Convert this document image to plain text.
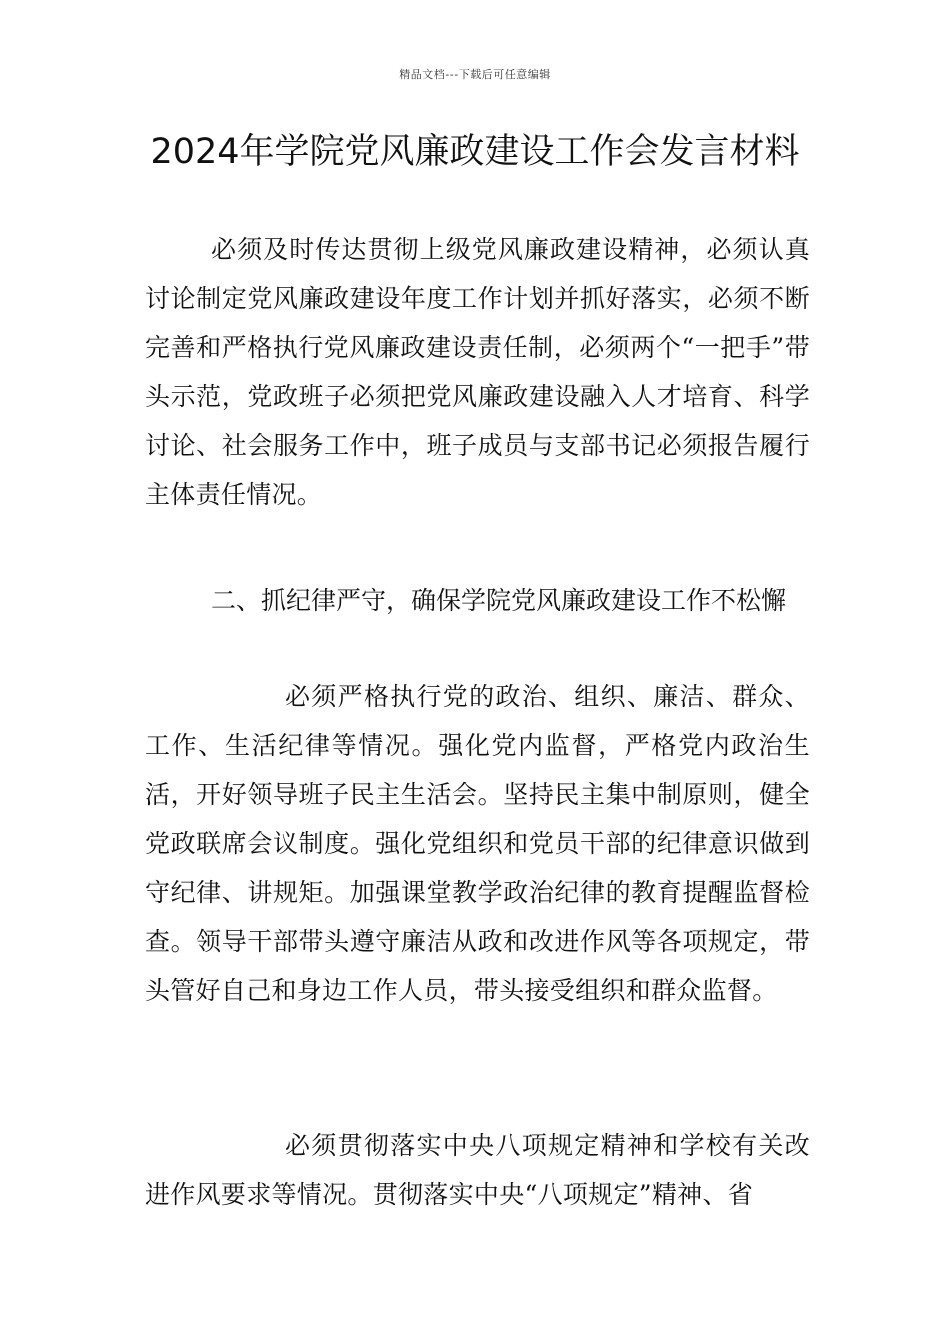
精品文档---下载后可任意编辑
2024年学院党风廉政建设工作会发言材料

必须及时传达贯彻上级党风廉政建设精神，必须认真讨论制定党风廉政建设年度工作计划并抓好落实，必须不断完善和严格执行党风廉政建设责任制，必须两个“一把手”带头示范，党政班子必须把党风廉政建设融入人才培育、科学讨论、社会服务工作中，班子成员与支部书记必须报告履行主体责任情况。

二、抓纪律严守，确保学院党风廉政建设工作不松懈

必须严格执行党的政治、组织、廉洁、群众、工作、生活纪律等情况。强化党内监督，严格党内政治生活，开好领导班子民主生活会。坚持民主集中制原则，健全党政联席会议制度。强化党组织和党员干部的纪律意识做到守纪律、讲规矩。加强课堂教学政治纪律的教育提醒监督检查。领导干部带头遵守廉洁从政和改进作风等各项规定，带头管好自己和身边工作人员，带头接受组织和群众监督。

必须贯彻落实中央八项规定精神和学校有关改进作风要求等情况。贯彻落实中央“八项规定”精神、省
